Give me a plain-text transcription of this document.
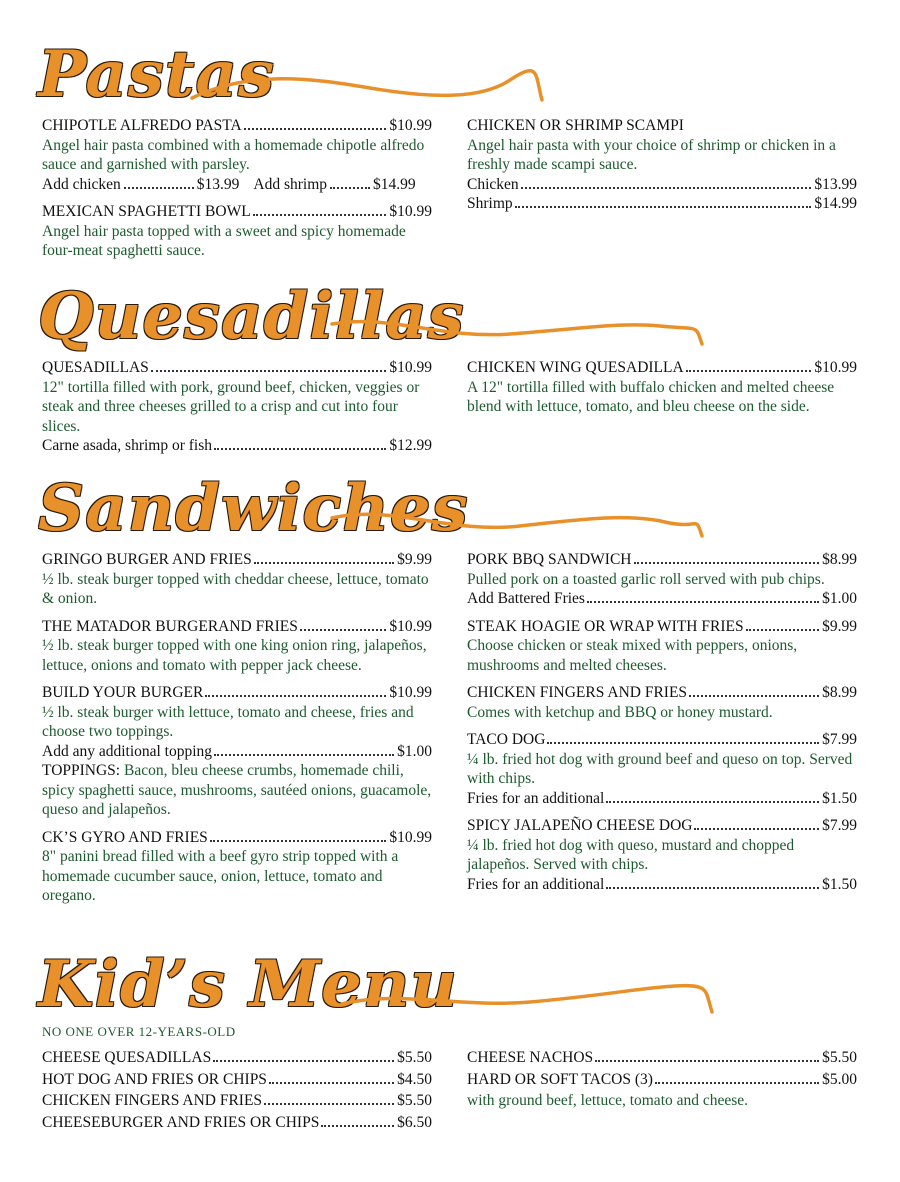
Pastas
CHIPOTLE ALFREDO PASTA	$10.99
Angel hair pasta combined with a homemade chipotle alfredo sauce and garnished with parsley.
Add chicken	$13.99 Add shrimp	$14.99
MEXICAN SPAGHETTI BOWL	$10.99
Angel hair pasta topped with a sweet and spicy homemade four-meat spaghetti sauce.
CHICKEN OR SHRIMP SCAMPI
Angel hair pasta with your choice of shrimp or chicken in a freshly made scampi sauce.
Chicken	$13.99
Shrimp	$14.99
Quesadillas
QUESADILLAS	$10.99
12" tortilla filled with pork, ground beef, chicken, veggies or steak and three cheeses grilled to a crisp and cut into four slices.
Carne asada, shrimp or fish	$12.99
CHICKEN WING QUESADILLA	$10.99
A 12" tortilla filled with buffalo chicken and melted cheese blend with lettuce, tomato, and bleu cheese on the side.
Sandwiches
GRINGO BURGER AND FRIES	$9.99
½ lb. steak burger topped with cheddar cheese, lettuce, tomato & onion.
THE MATADOR BURGERAND FRIES	$10.99
½ lb. steak burger topped with one king onion ring, jalapeños, lettuce, onions and tomato with pepper jack cheese.
BUILD YOUR BURGER	$10.99
½ lb. steak burger with lettuce, tomato and cheese, fries and choose two toppings.
Add any additional topping	$1.00
TOPPINGS: Bacon, bleu cheese crumbs, homemade chili, spicy spaghetti sauce, mushrooms, sautéed onions, guacamole, queso and jalapeños.
CK’S GYRO AND FRIES	$10.99
8" panini bread filled with a beef gyro strip topped with a homemade cucumber sauce, onion, lettuce, tomato and oregano.
PORK BBQ SANDWICH	$8.99
Pulled pork on a toasted garlic roll served with pub chips.
Add Battered Fries	$1.00
STEAK HOAGIE OR WRAP WITH FRIES	$9.99
Choose chicken or steak mixed with peppers, onions, mushrooms and melted cheeses.
CHICKEN FINGERS AND FRIES	$8.99
Comes with ketchup and BBQ or honey mustard.
TACO DOG	$7.99
¼ lb. fried hot dog with ground beef and queso on top. Served with chips.
Fries for an additional	$1.50
SPICY JALAPEÑO CHEESE DOG	$7.99
¼ lb. fried hot dog with queso, mustard and chopped jalapeños. Served with chips.
Fries for an additional	$1.50
Kid’s Menu
NO ONE OVER 12-YEARS-OLD
CHEESE QUESADILLAS	$5.50
HOT DOG AND FRIES OR CHIPS	$4.50
CHICKEN FINGERS AND FRIES	$5.50
CHEESEBURGER AND FRIES OR CHIPS	$6.50
CHEESE NACHOS	$5.50
HARD OR SOFT TACOS (3)	$5.00
with ground beef, lettuce, tomato and cheese.
